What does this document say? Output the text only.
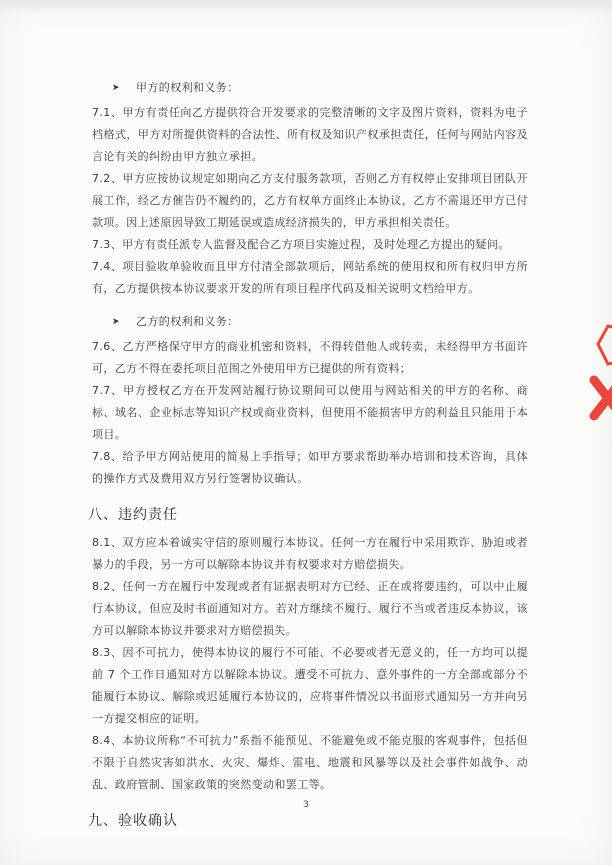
➤	甲方的权利和义务：

7.1、甲方有责任向乙方提供符合开发要求的完整清晰的文字及图片资料，资料为电子档格式，甲方对所提供资料的合法性、所有权及知识产权承担责任，任何与网站内容及言论有关的纠纷由甲方独立承担。

7.2、甲方应按协议规定如期向乙方支付服务款项，否则乙方有权停止安排项目团队开展工作，经乙方催告仍不履约的，乙方有权单方面终止本协议，乙方不需退还甲方已付款项。因上述原因导致工期延误或造成经济损失的，甲方承担相关责任。

7.3、甲方有责任派专人监督及配合乙方项目实施过程，及时处理乙方提出的疑问。

7.4、项目验收单验收而且甲方付清全部款项后，网站系统的使用权和所有权归甲方所有，乙方提供按本协议要求开发的所有项目程序代码及相关说明文档给甲方。

➤	乙方的权利和义务：

7.6、乙方严格保守甲方的商业机密和资料，不得转借他人或转卖，未经得甲方书面许可，乙方不得在委托项目范围之外使用甲方已提供的所有资料；

7.7、甲方授权乙方在开发网站履行协议期间可以使用与网站相关的甲方的名称、商标、域名、企业标志等知识产权或商业资料，但使用不能损害甲方的利益且只能用于本项目。

7.8、给予甲方网站使用的简易上手指导；如甲方要求帮助举办培训和技术咨询，具体的操作方式及费用双方另行签署协议确认。

八、违约责任

8.1、双方应本着诚实守信的原则履行本协议。任何一方在履行中采用欺诈、胁迫或者暴力的手段，另一方可以解除本协议并有权要求对方赔偿损失。

8.2、任何一方在履行中发现或者有证据表明对方已经、正在或将要违约，可以中止履行本协议，但应及时书面通知对方。若对方继续不履行、履行不当或者违反本协议，该方可以解除本协议并要求对方赔偿损失。

8.3、因不可抗力，使得本协议的履行不可能、不必要或者无意义的，任一方均可以提前 7 个工作日通知对方以解除本协议。遭受不可抗力、意外事件的一方全部或部分不能履行本协议、解除或迟延履行本协议的，应将事件情况以书面形式通知另一方并向另一方提交相应的证明。

8.4、本协议所称“不可抗力”系指不能预见、不能避免或不能克服的客观事件，包括但不限于自然灾害如洪水、火灾、爆炸、雷电、地震和风暴等以及社会事件如战争、动乱、政府管制、国家政策的突然变动和罢工等。

九、验收确认
3
